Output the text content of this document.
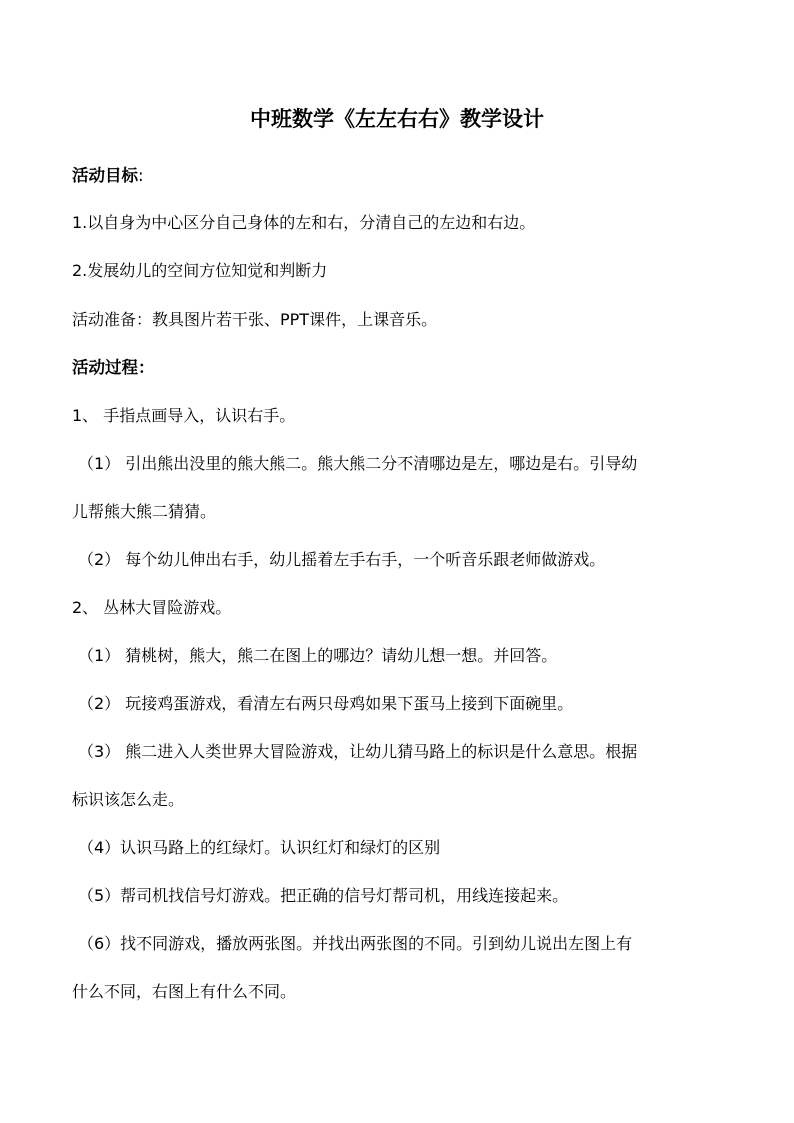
中班数学《左左右右》教学设计
活动目标:
1.以自身为中心区分自己身体的左和右，分清自己的左边和右边。
2.发展幼儿的空间方位知觉和判断力
活动准备：教具图片若干张、PPT课件，上课音乐。
活动过程：
1、 手指点画导入，认识右手。
（1） 引出熊出没里的熊大熊二。熊大熊二分不清哪边是左，哪边是右。引导幼
儿帮熊大熊二猜猜。
（2） 每个幼儿伸出右手，幼儿摇着左手右手，一个听音乐跟老师做游戏。
2、 丛林大冒险游戏。
（1） 猜桃树，熊大，熊二在图上的哪边？请幼儿想一想。并回答。
（2） 玩接鸡蛋游戏，看清左右两只母鸡如果下蛋马上接到下面碗里。
（3） 熊二进入人类世界大冒险游戏，让幼儿猜马路上的标识是什么意思。根据
标识该怎么走。
（4）认识马路上的红绿灯。认识红灯和绿灯的区别
（5）帮司机找信号灯游戏。把正确的信号灯帮司机，用线连接起来。
（6）找不同游戏，播放两张图。并找出两张图的不同。引到幼儿说出左图上有
什么不同，右图上有什么不同。
